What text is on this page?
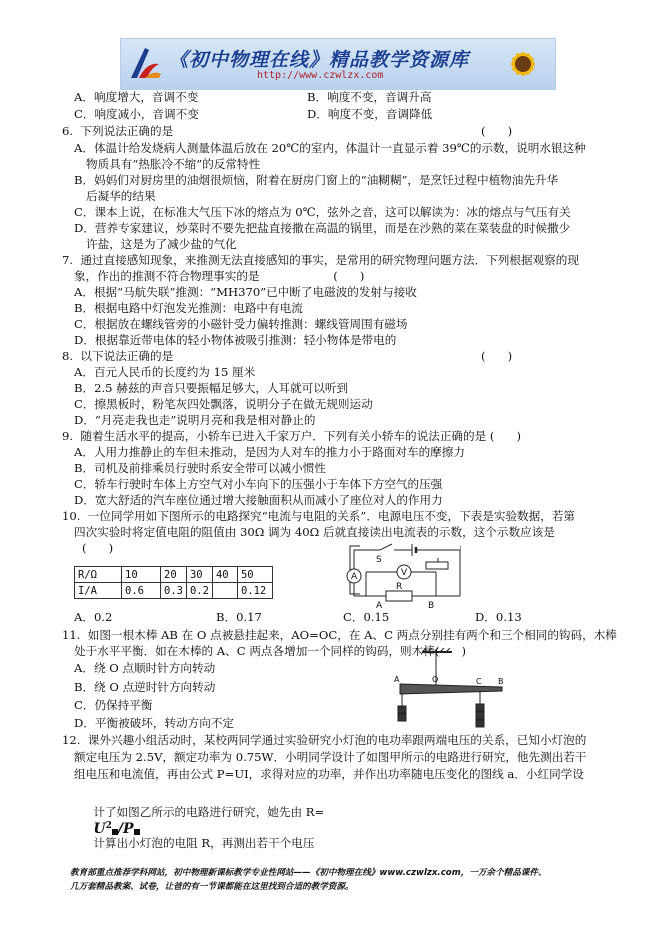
《初中物理在线》精品教学资源库
http://www.czwlzx.com
A．响度增大，音调不变	B．响度不变，音调升高
C．响度减小，音调不变	D．响度不变，音调降低
6.  下列说法正确的是	(      )
A．体温计给发烧病人测量体温后放在 20℃的室内，体温计一直显示着 39℃的示数，说明水银这种
物质具有“热胀冷不缩”的反常特性
B．妈妈们对厨房里的油烟很烦恼，附着在厨房门窗上的“油糊糊”，是烹饪过程中植物油先升华
后凝华的结果
C．课本上说，在标准大气压下冰的熔点为 0℃，弦外之音，这可以解读为：冰的熔点与气压有关
D．营养专家建议，炒菜时不要先把盐直接撒在高温的锅里，而是在沙熟的菜在菜装盘的时候撒少
许盐，这是为了减少盐的气化
7.  通过直接感知现象，来推测无法直接感知的事实，是常用的研究物理问题方法．下列根据观察的现
象，作出的推测不符合物理事实的是                    (      )
A．根据“马航失联”推测：“MH370”已中断了电磁波的发射与接收
B．根据电路中灯泡发光推测：电路中有电流
C．根据放在螺线管旁的小磁针受力偏转推测：螺线管周围有磁场
D．根据靠近带电体的轻小物体被吸引推测：轻小物体是带电的
8.  以下说法正确的是	(      )
A．百元人民币的长度约为 15 厘米
B．2.5 赫兹的声音只要振幅足够大，人耳就可以听到
C．擦黑板时，粉笔灰四处飘落，说明分子在做无规则运动
D．“月亮走我也走”说明月亮和我是相对静止的
9.  随着生活水平的提高，小轿车已进入千家万户．下列有关小轿车的说法正确的是 (      )
A．人用力推静止的车但未推动，是因为人对车的推力小于路面对车的摩擦力
B．司机及前排乘员行驶时系安全带可以减小惯性
C．轿车行驶时车体上方空气对小车向下的压强小于车体下方空气的压强
D．宽大舒适的汽车座位通过增大接触面积从而减小了座位对人的作用力
10.  一位同学用如下图所示的电路探究“电流与电阻的关系”．电源电压不变，下表是实验数据，若第
四次实验时将定值电阻的阻值由 30Ω 调为 40Ω 后就直接读出电流表的示数，这个示数应该是
(      )
A．0.2	B．0.17	C．0.15	D．0.13
11.  如图一根木棒 AB 在 O 点被悬挂起来，AO=OC，在 A、C 两点分别挂有两个和三个相同的钩码，木棒
处于水平平衡．如在木棒的 A、C 两点各增加一个同样的钩码，则木棒(      )
A．绕 O 点顺时针方向转动
B．绕 O 点逆时针方向转动
C．仍保持平衡
D．平衡被破坏，转动方向不定
12.  课外兴趣小组活动时，某校两同学通过实验研究小灯泡的电功率跟两端电压的关系，已知小灯泡的
额定电压为 2.5V，额定功率为 0.75W．小明同学设计了如图甲所示的电路进行研究，他先测出若干
组电压和电流值，再由公式 P=UI，求得对应的功率，并作出功率随电压变化的图线 a．小红同学设

计了如图乙所示的电路进行研究，她先由 R=
$U^2$ /P
计算出小灯泡的电阻 R，再测出若干个电压

R/Ω	10	20	30	40	50
I/A	0.6	0.3	0.2		0.12
S
A	V
R
A	B
A	O	C B
教育部重点推荐学科网站，初中物理新课标教学专业性网站——《初中物理在线》www.czwlzx.com，一万余个精品课件、
几万套精品教案、试卷，让爸的有一节课都能在这里找到合适的教学资源。
